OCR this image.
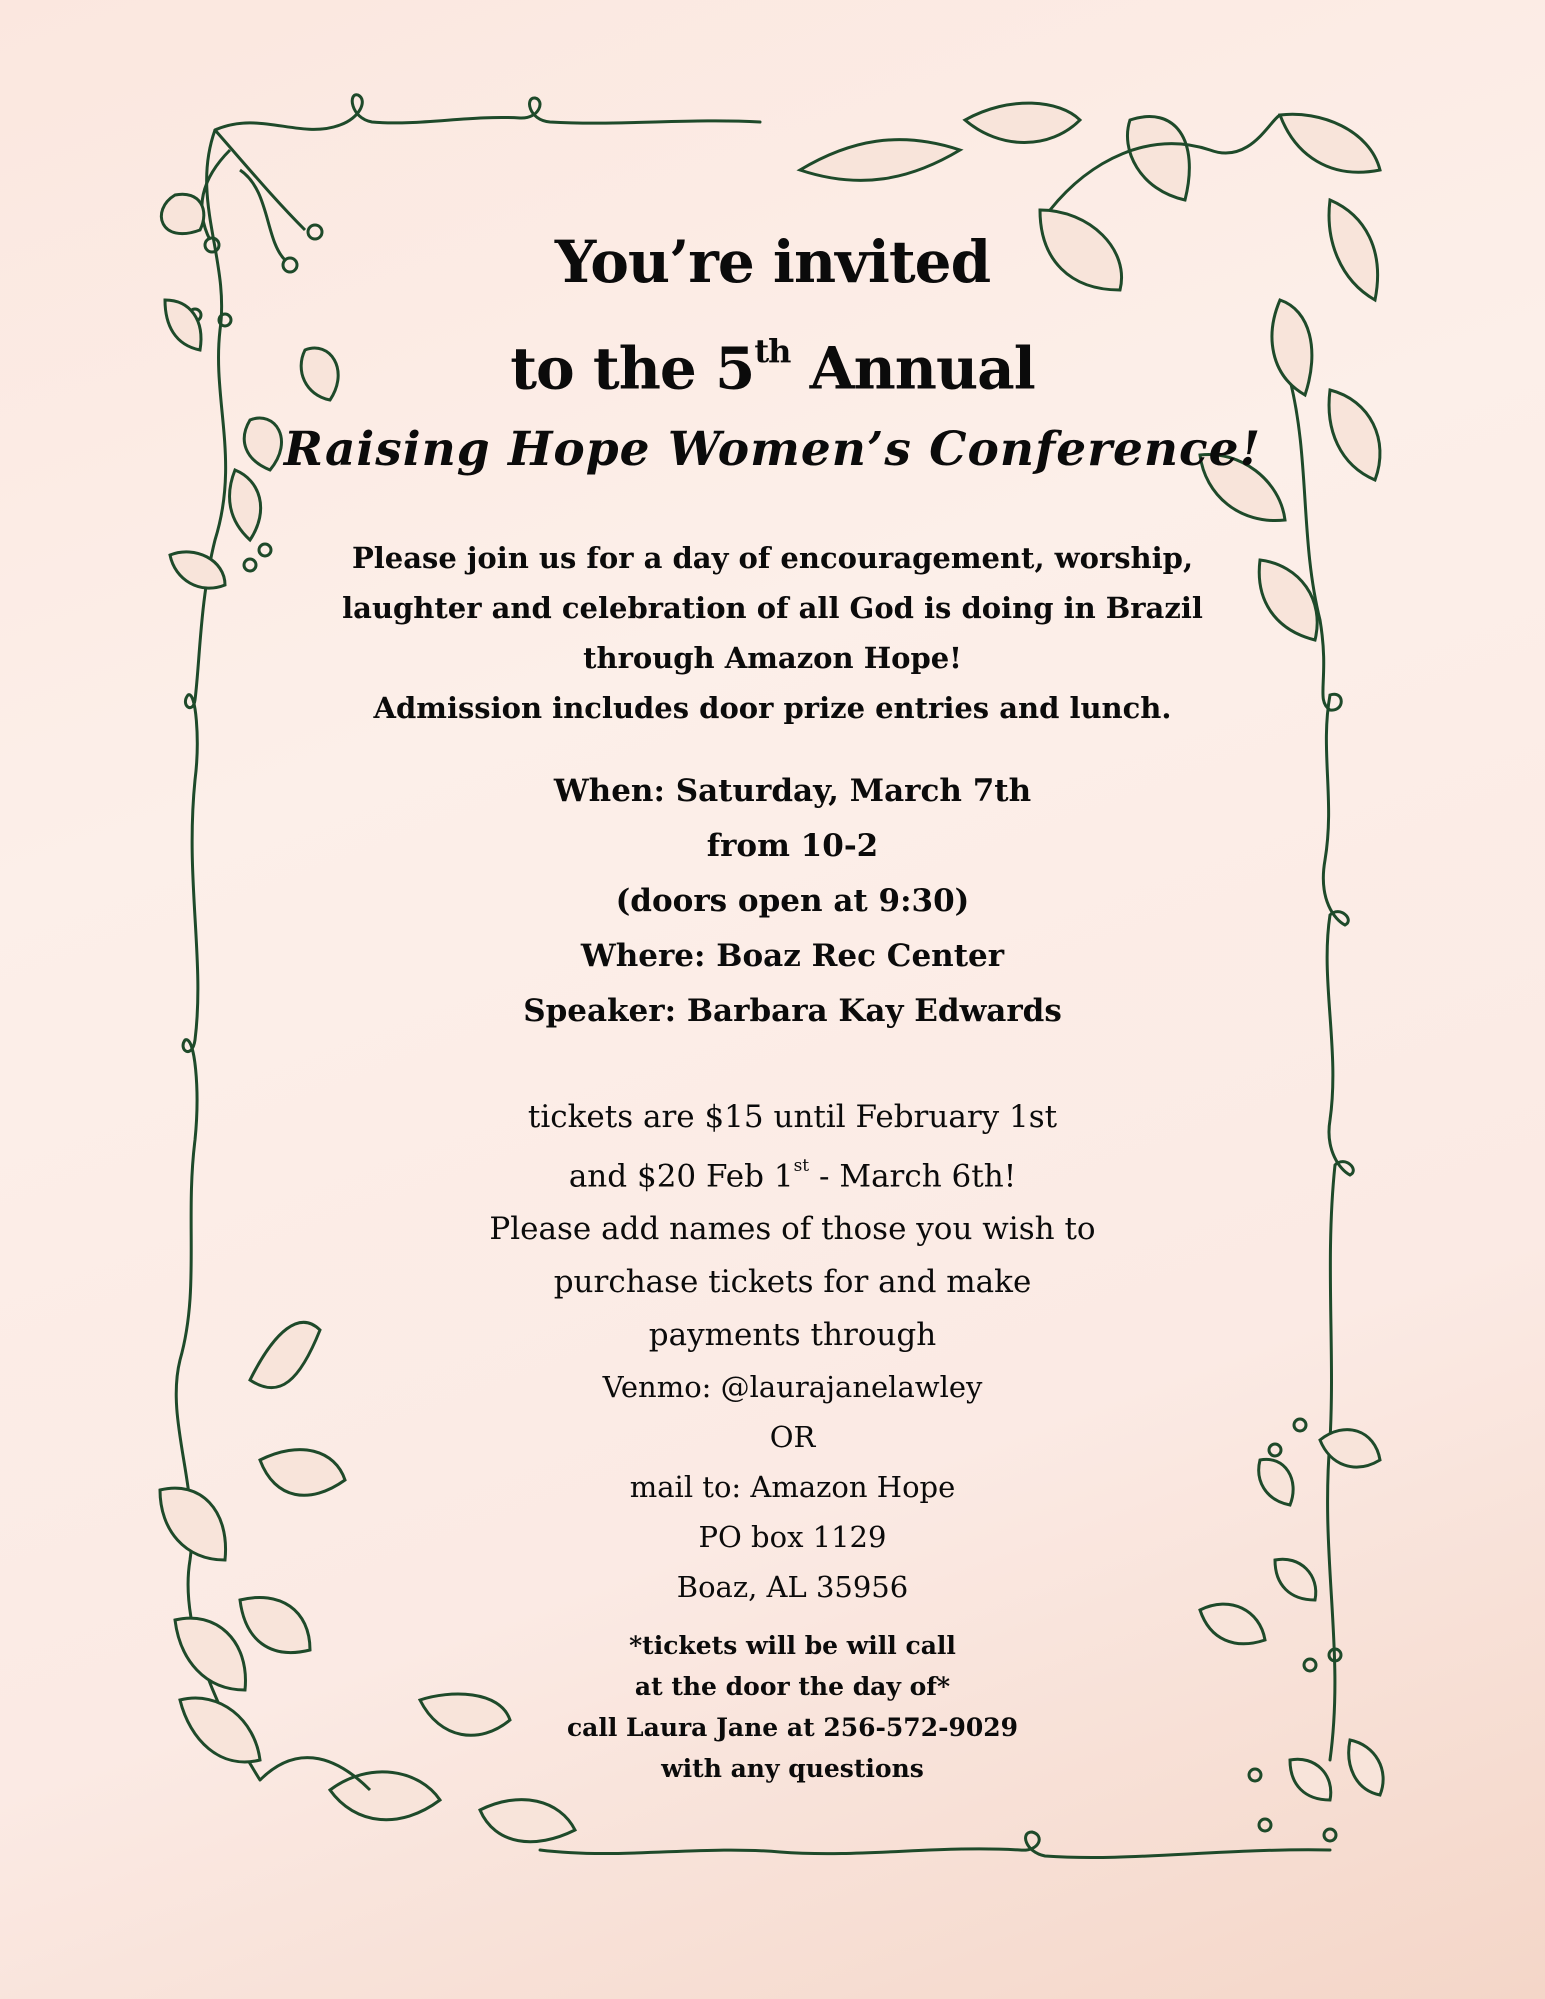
You’re invited
to the 5th Annual
Raising Hope Women’s Conference!
Please join us for a day of encouragement, worship,
laughter and celebration of all God is doing in Brazil
through Amazon Hope!
Admission includes door prize entries and lunch.
When: Saturday, March 7th
from 10-2
(doors open at 9:30)
Where: Boaz Rec Center
Speaker: Barbara Kay Edwards
tickets are $15 until February 1st
and $20 Feb 1st - March 6th!
Please add names of those you wish to
purchase tickets for and make
payments through
Venmo: @laurajanelawley
OR
mail to: Amazon Hope
PO box 1129
Boaz, AL 35956
*tickets will be will call
at the door the day of*
call Laura Jane at 256-572-9029
with any questions
